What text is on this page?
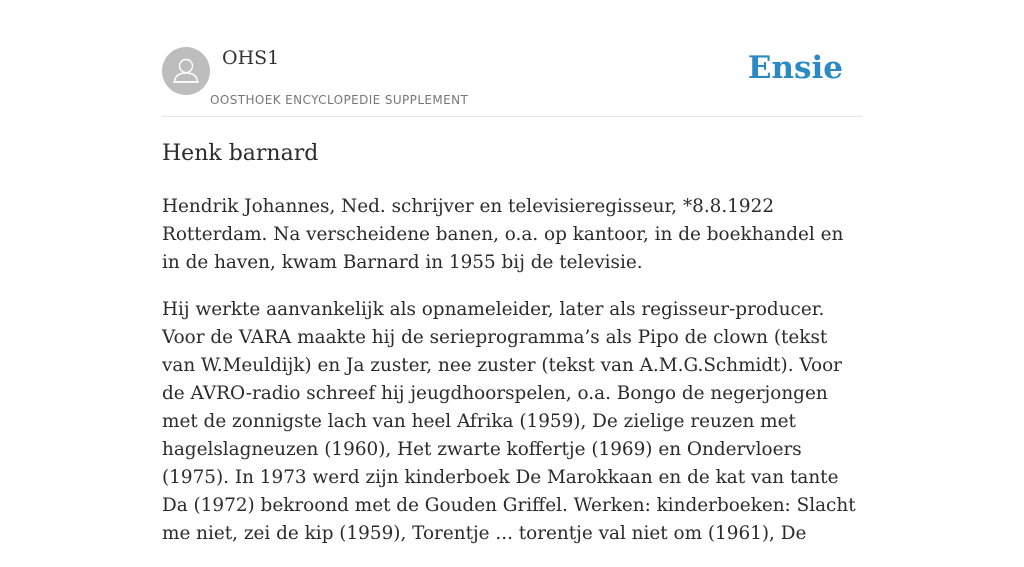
OHS1
OOSTHOEK ENCYCLOPEDIE SUPPLEMENT
Ensie
Henk barnard

Hendrik Johannes, Ned. schrijver en televisieregisseur, *8.8.1922 Rotterdam. Na verscheidene banen, o.a. op kantoor, in de boekhandel en in de haven, kwam Barnard in 1955 bij de televisie.

Hij werkte aanvankelijk als opnameleider, later als regisseur-producer. Voor de VARA maakte hij de serieprogramma’s als Pipo de clown (tekst van W.Meuldijk) en Ja zuster, nee zuster (tekst van A.M.G.Schmidt). Voor de AVRO-radio schreef hij jeugdhoorspelen, o.a. Bongo de negerjongen met de zonnigste lach van heel Afrika (1959), De zielige reuzen met hagelslagneuzen (1960), Het zwarte koffertje (1969) en Ondervloers (1975). In 1973 werd zijn kinderboek De Marokkaan en de kat van tante Da (1972) bekroond met de Gouden Griffel. Werken: kinderboeken: Slacht me niet, zei de kip (1959), Torentje ... torentje val niet om (1961), De
